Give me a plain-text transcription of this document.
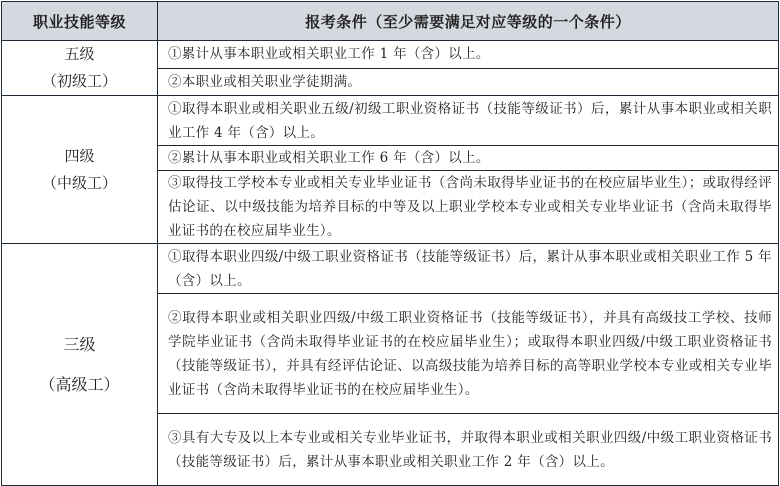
职业技能等级	报考条件（至少需要满足对应等级的一个条件）

五级
（初级工）	①累计从事本职业或相关职业工作 1 年（含）以上。
	②本职业或相关职业学徒期满。

四级
（中级工）	①取得本职业或相关职业五级/初级工职业资格证书（技能等级证书）后，累计从事本职业或相关职业工作 4 年（含）以上。
	②累计从事本职业或相关职业工作 6 年（含）以上。
	③取得技工学校本专业或相关专业毕业证书（含尚未取得毕业证书的在校应届毕业生）；或取得经评估论证、以中级技能为培养目标的中等及以上职业学校本专业或相关专业毕业证书（含尚未取得毕业证书的在校应届毕业生）。

三级
（高级工）	①取得本职业四级/中级工职业资格证书（技能等级证书）后，累计从事本职业或相关职业工作 5 年（含）以上。
	②取得本职业或相关职业四级/中级工职业资格证书（技能等级证书），并具有高级技工学校、技师学院毕业证书（含尚未取得毕业证书的在校应届毕业生）；或取得本职业四级/中级工职业资格证书（技能等级证书），并具有经评估论证、以高级技能为培养目标的高等职业学校本专业或相关专业毕业证书（含尚未取得毕业证书的在校应届毕业生）。
	③具有大专及以上本专业或相关专业毕业证书，并取得本职业或相关职业四级/中级工职业资格证书（技能等级证书）后，累计从事本职业或相关职业工作 2 年（含）以上。
